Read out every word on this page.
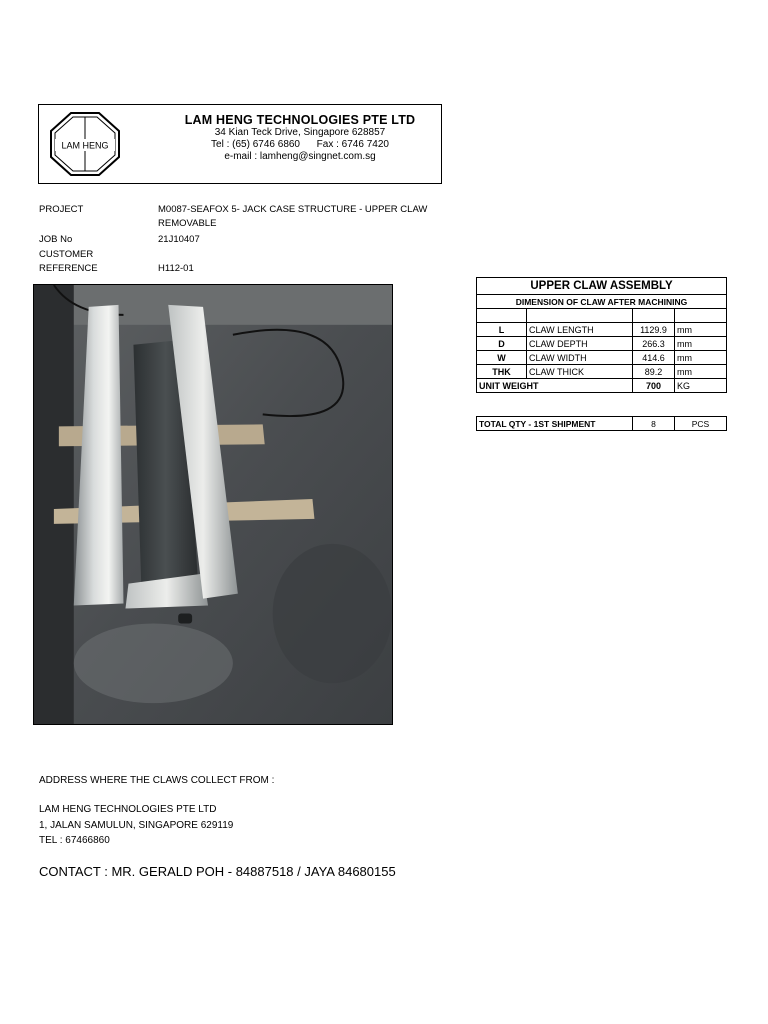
LAM HENG
LAM HENG TECHNOLOGIES PTE LTD
34 Kian Teck Drive, Singapore 628857
Tel : (65) 6746 6860      Fax : 6746 7420
e-mail : lamheng@singnet.com.sg
PROJECT	M0087-SEAFOX 5- JACK CASE STRUCTURE - UPPER CLAW
REMOVABLE
JOB No	21J10407
CUSTOMER
REFERENCE	H112-01
UPPER CLAW ASSEMBLY			
DIMENSION OF CLAW AFTER MACHINING			

L	CLAW LENGTH	1129.9	mm
D	CLAW DEPTH	266.3	mm
W	CLAW WIDTH	414.6	mm
THK	CLAW THICK	89.2	mm
UNIT WEIGHT		700	KG
TOTAL QTY - 1ST SHIPMENT	8	PCS
ADDRESS WHERE THE CLAWS COLLECT FROM :
LAM HENG TECHNOLOGIES PTE LTD
1, JALAN SAMULUN, SINGAPORE 629119
TEL : 67466860
CONTACT : MR. GERALD POH - 84887518 / JAYA 84680155
